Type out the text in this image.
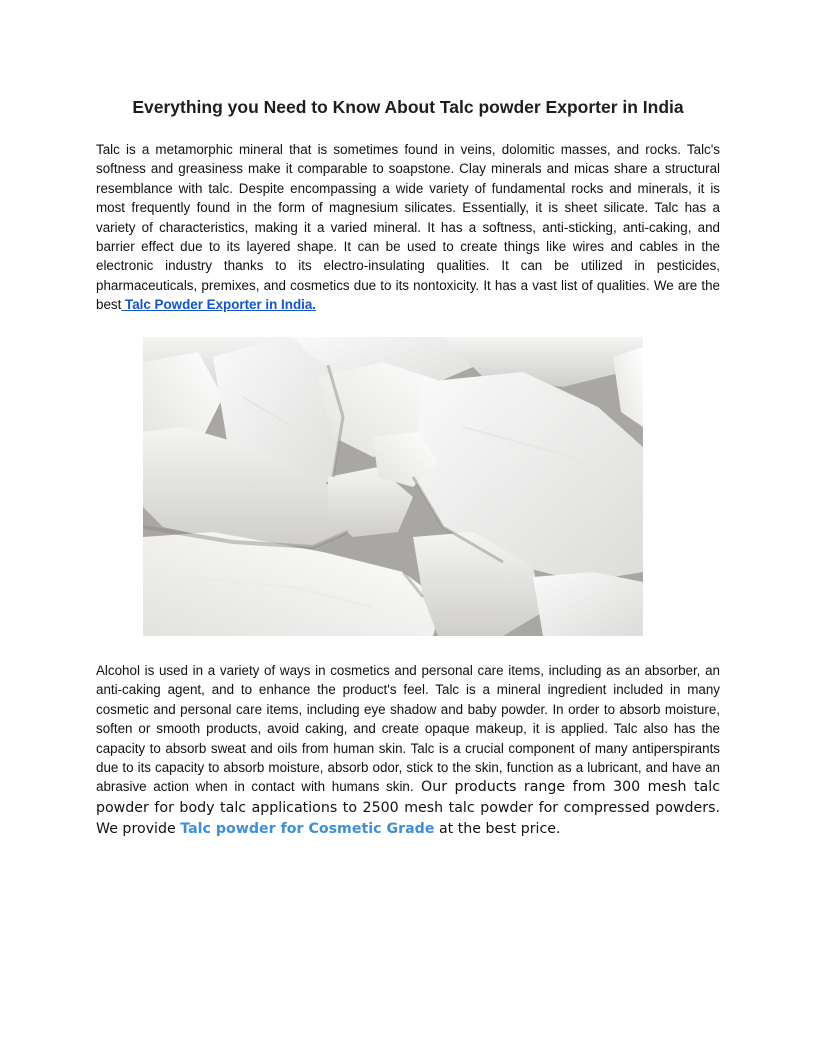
Everything you Need to Know About Talc powder Exporter in India

Talc is a metamorphic mineral that is sometimes found in veins, dolomitic masses, and rocks. Talc's softness and greasiness make it comparable to soapstone. Clay minerals and micas share a structural resemblance with talc. Despite encompassing a wide variety of fundamental rocks and minerals, it is most frequently found in the form of magnesium silicates. Essentially, it is sheet silicate. Talc has a variety of characteristics, making it a varied mineral. It has a softness, anti-sticking, anti-caking, and barrier effect due to its layered shape. It can be used to create things like wires and cables in the electronic industry thanks to its electro-insulating qualities. It can be utilized in pesticides, pharmaceuticals, premixes, and cosmetics due to its nontoxicity. It has a vast list of qualities. We are the best Talc Powder Exporter in India.

Alcohol is used in a variety of ways in cosmetics and personal care items, including as an absorber, an anti-caking agent, and to enhance the product's feel. Talc is a mineral ingredient included in many cosmetic and personal care items, including eye shadow and baby powder. In order to absorb moisture, soften or smooth products, avoid caking, and create opaque makeup, it is applied. Talc also has the capacity to absorb sweat and oils from human skin. Talc is a crucial component of many antiperspirants due to its capacity to absorb moisture, absorb odor, stick to the skin, function as a lubricant, and have an abrasive action when in contact with humans skin. Our products range from 300 mesh talc powder for body talc applications to 2500 mesh talc powder for compressed powders. We provide Talc powder for Cosmetic Grade at the best price.
